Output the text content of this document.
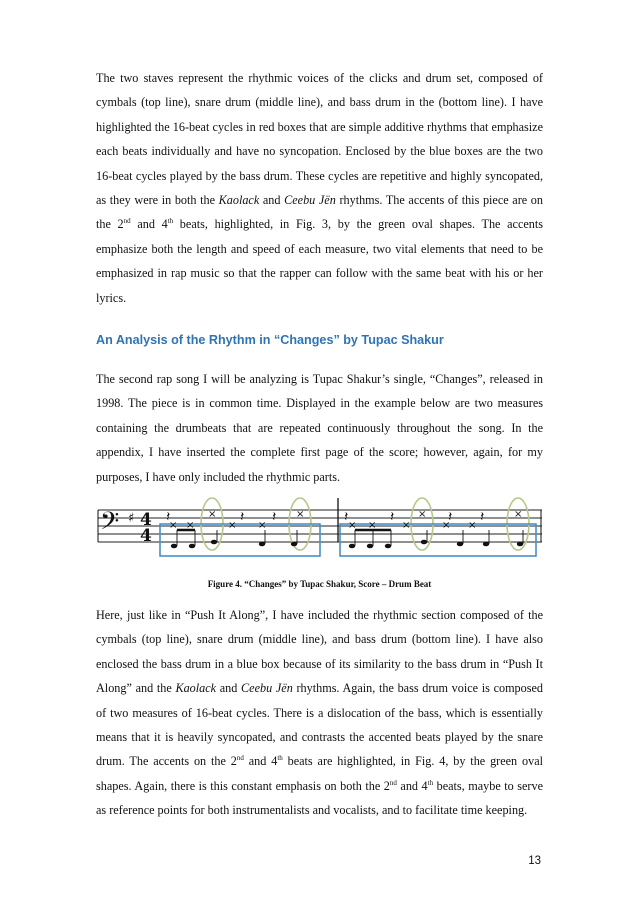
The two staves represent the rhythmic voices of the clicks and drum set, composed of cymbals (top line), snare drum (middle line), and bass drum in the (bottom line). I have highlighted the 16-beat cycles in red boxes that are simple additive rhythms that emphasize each beats individually and have no syncopation. Enclosed by the blue boxes are the two 16-beat cycles played by the bass drum. These cycles are repetitive and highly syncopated, as they were in both the Kaolack and Ceebu Jën rhythms. The accents of this piece are on the 2nd and 4th beats, highlighted, in Fig. 3, by the green oval shapes. The accents emphasize both the length and speed of each measure, two vital elements that need to be emphasized in rap music so that the rapper can follow with the same beat with his or her lyrics.

An Analysis of the Rhythm in “Changes” by Tupac Shakur

The second rap song I will be analyzing is Tupac Shakur’s single, “Changes”, released in 1998. The piece is in common time. Displayed in the example below are two measures containing the drumbeats that are repeated continuously throughout the song. In the appendix, I have inserted the complete first page of the score; however, again, for my purposes, I have only included the rhythmic parts.

𝄢 ♯ 4
4
𝄽	𝄽 𝄽
× ×
×
× ×
×	𝄽	𝄽	𝄽 𝄽
× ×	×
×
× ×
×

Figure 4. “Changes” by Tupac Shakur, Score – Drum Beat

Here, just like in “Push It Along”, I have included the rhythmic section composed of the cymbals (top line), snare drum (middle line), and bass drum (bottom line). I have also enclosed the bass drum in a blue box because of its similarity to the bass drum in “Push It Along” and the Kaolack and Ceebu Jën rhythms. Again, the bass drum voice is composed of two measures of 16-beat cycles. There is a dislocation of the bass, which is essentially means that it is heavily syncopated, and contrasts the accented beats played by the snare drum. The accents on the 2nd and 4th beats are highlighted, in Fig. 4, by the green oval shapes. Again, there is this constant emphasis on both the 2nd and 4th beats, maybe to serve as reference points for both instrumentalists and vocalists, and to facilitate time keeping.

13
